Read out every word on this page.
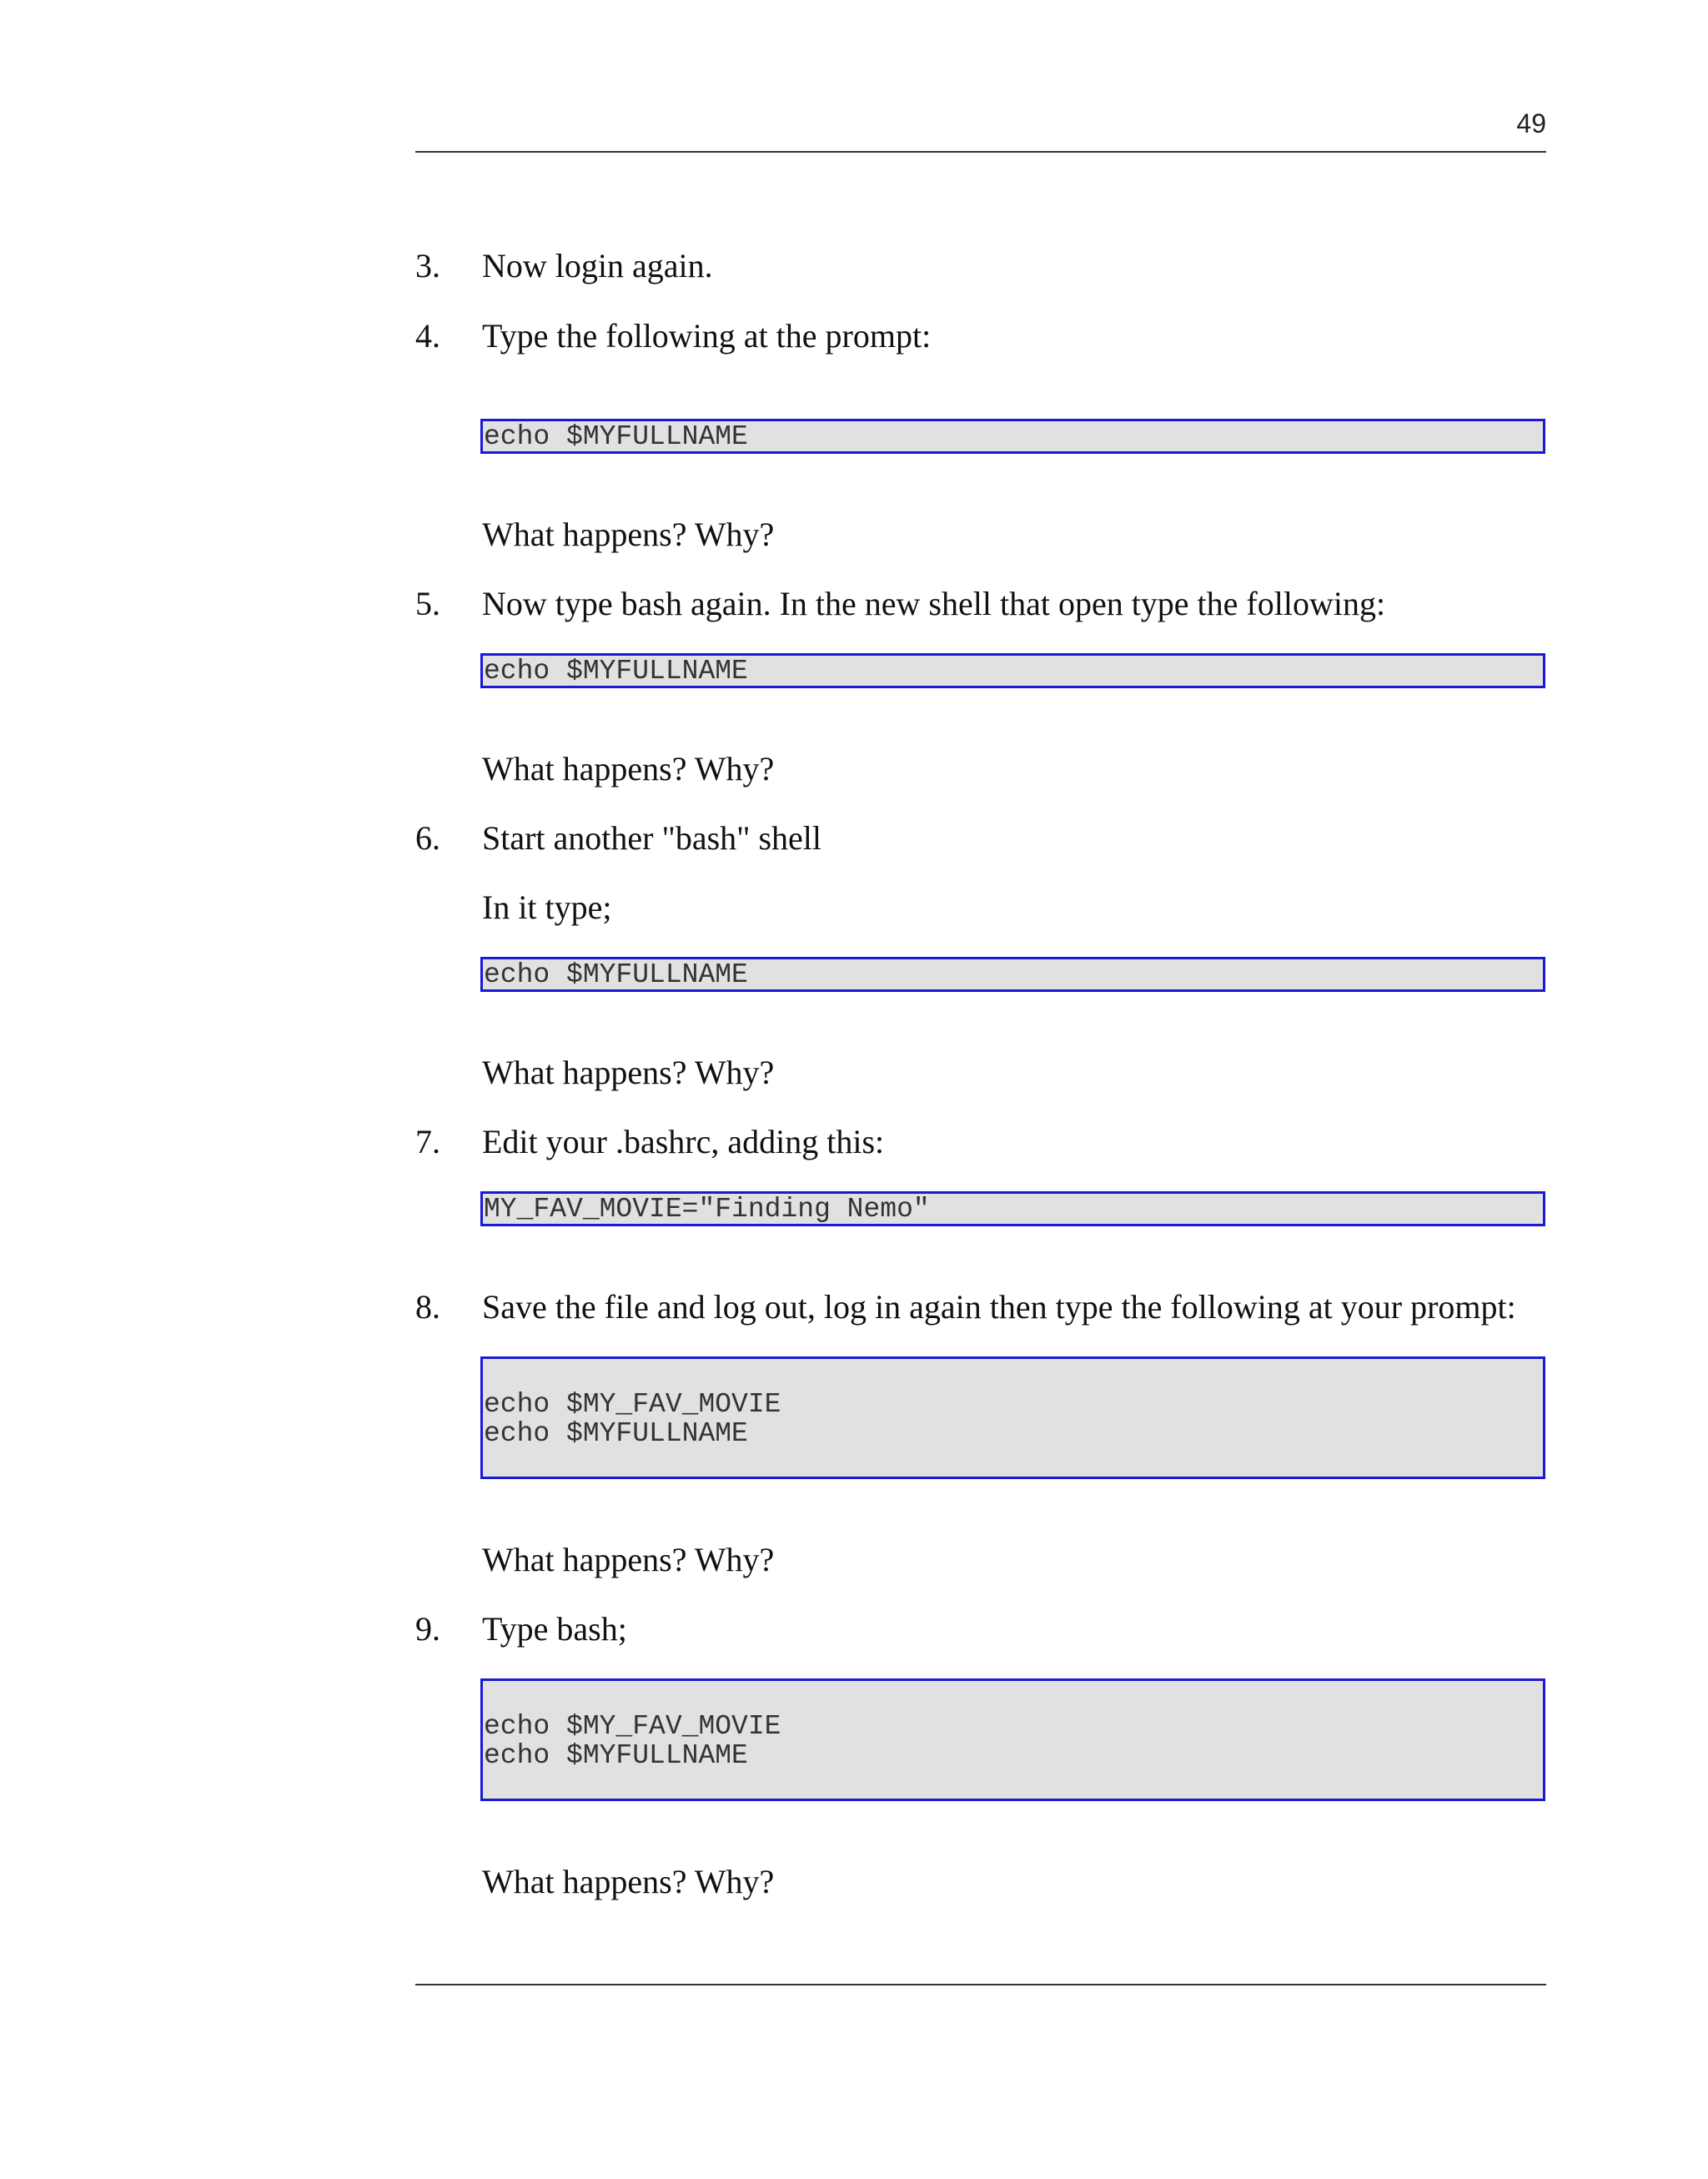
49
3. Now login again.
4. Type the following at the prompt:
echo $MYFULLNAME
What happens? Why?
5. Now type bash again. In the new shell that open type the following:
echo $MYFULLNAME
What happens? Why?
6. Start another "bash" shell
In it type;
echo $MYFULLNAME
What happens? Why?
7. Edit your .bashrc, adding this:
MY_FAV_MOVIE="Finding Nemo"
8. Save the file and log out, log in again then type the following at your prompt:
echo $MY_FAV_MOVIE
echo $MYFULLNAME
What happens? Why?
9. Type bash;
echo $MY_FAV_MOVIE
echo $MYFULLNAME
What happens? Why?
